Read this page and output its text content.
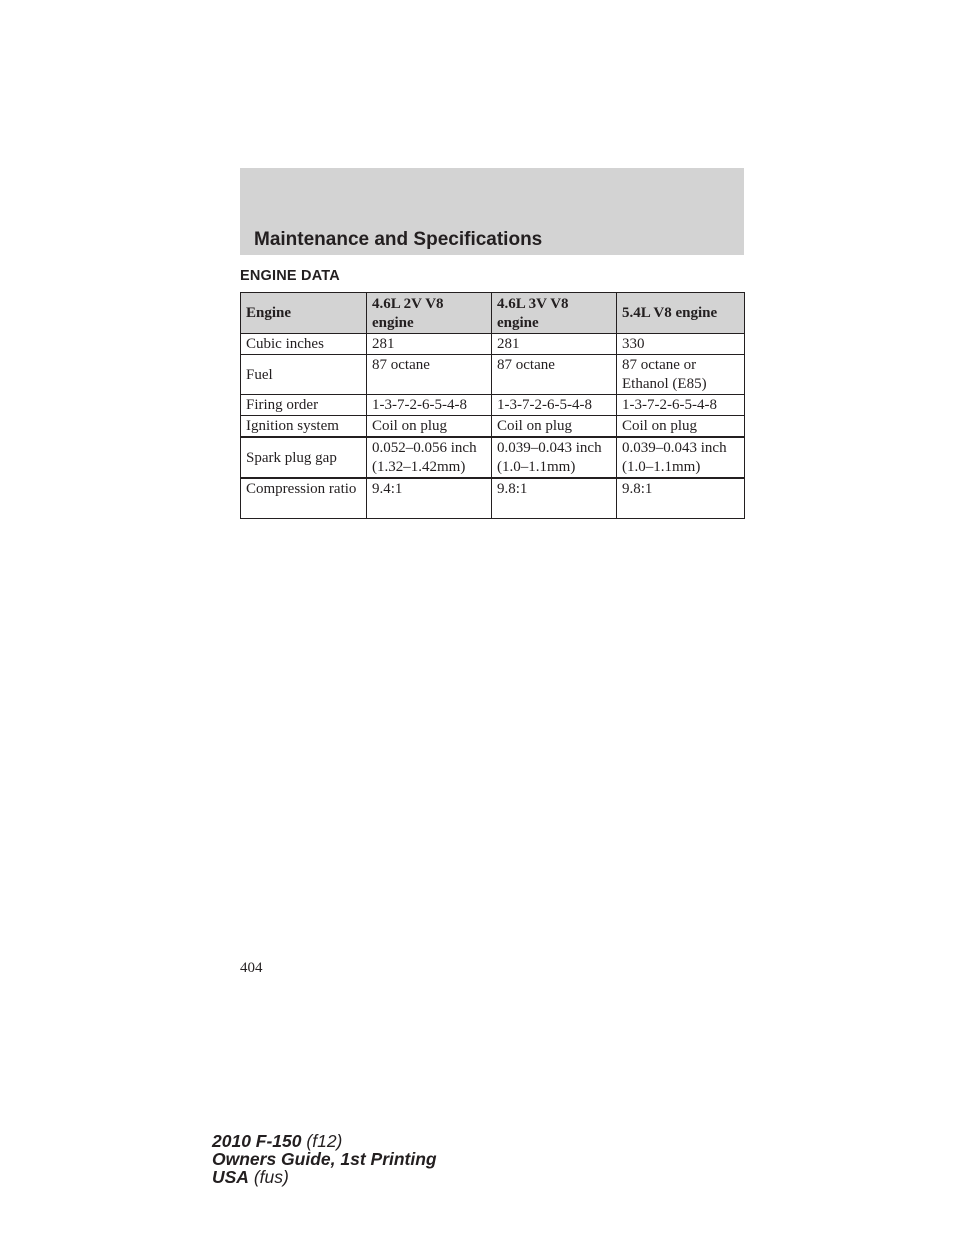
Maintenance and Specifications
ENGINE DATA
Engine	4.6L 2V V8 engine	4.6L 3V V8 engine	5.4L V8 engine
Cubic inches	281	281	330
Fuel	87 octane	87 octane	87 octane or Ethanol (E85)
Firing order	1-3-7-2-6-5-4-8	1-3-7-2-6-5-4-8	1-3-7-2-6-5-4-8
Ignition system	Coil on plug	Coil on plug	Coil on plug
Spark plug gap	0.052–0.056 inch (1.32–1.42mm)	0.039–0.043 inch (1.0–1.1mm)	0.039–0.043 inch (1.0–1.1mm)
Compression ratio	9.4:1	9.8:1	9.8:1
404
2010 F-150 (f12)
Owners Guide, 1st Printing
USA (fus)
